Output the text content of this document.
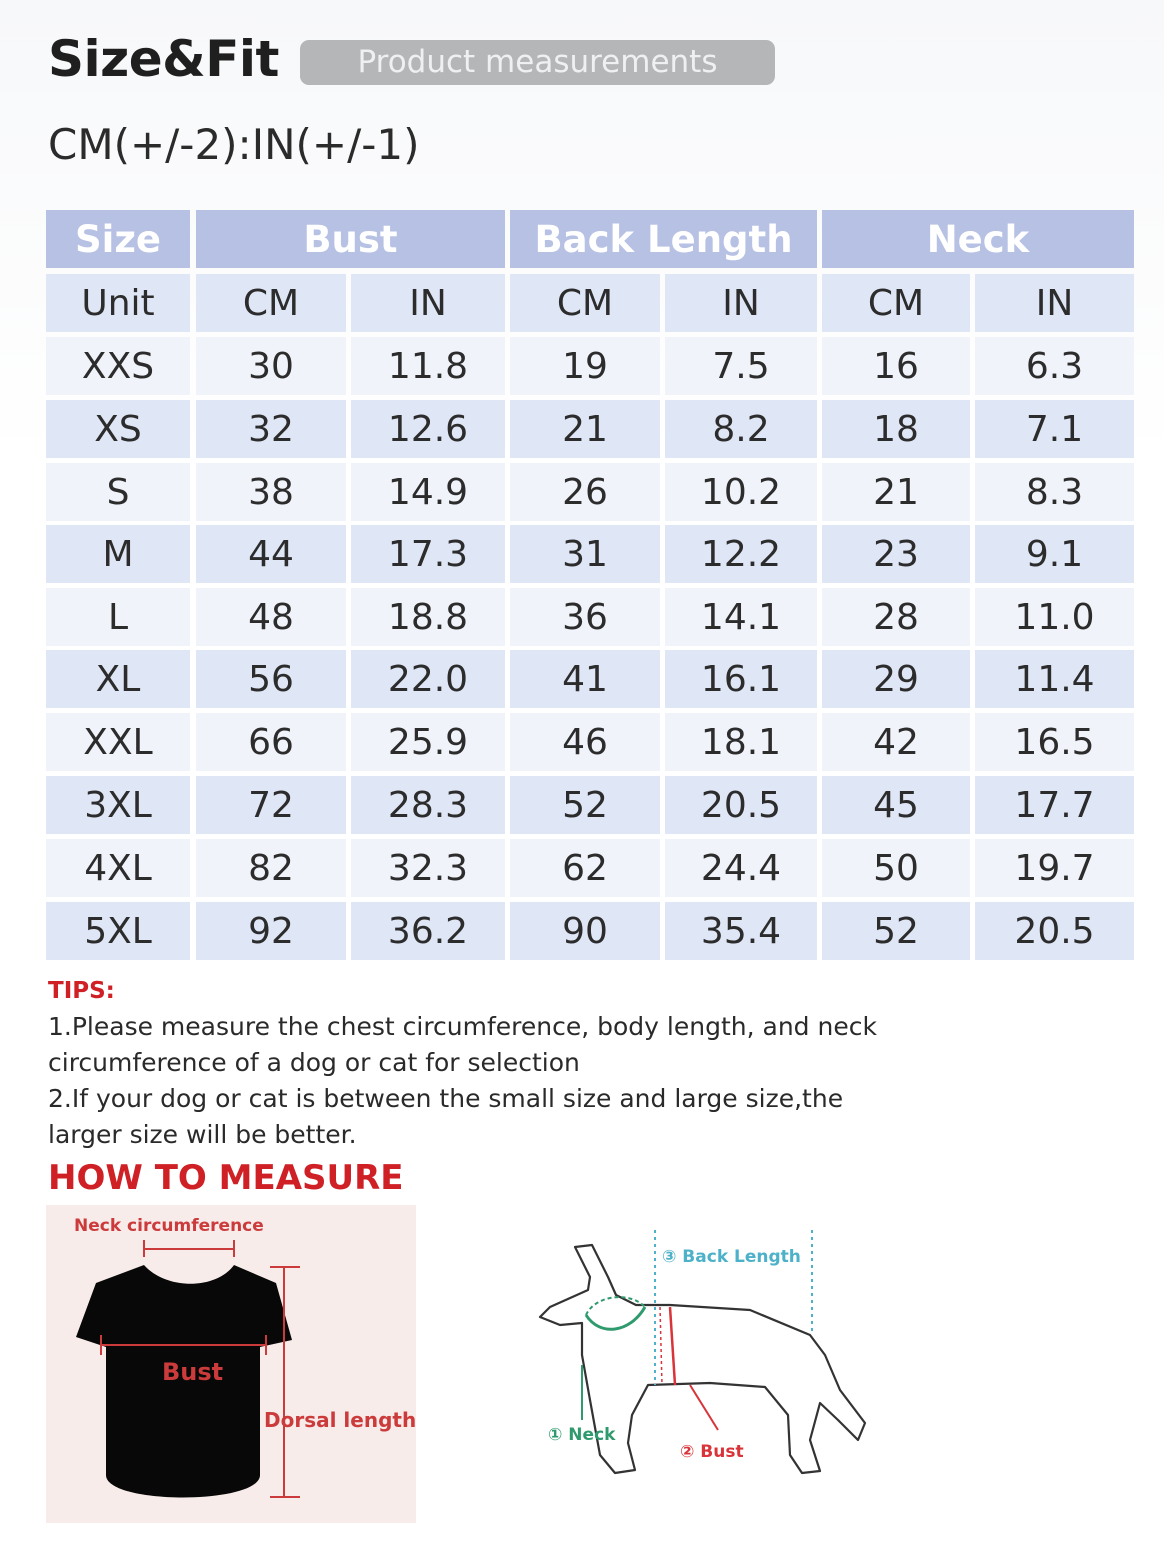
Size&Fit	Product measurements
CM(+/-2):IN(+/-1)
Size	Bust	Back Length	Neck
Unit	CM	IN	CM	IN	CM	IN
XXS	30	11.8	19	7.5	16	6.3
XS	32	12.6	21	8.2	18	7.1
S	38	14.9	26	10.2	21	8.3
M	44	17.3	31	12.2	23	9.1
L	48	18.8	36	14.1	28	11.0
XL	56	22.0	41	16.1	29	11.4
XXL	66	25.9	46	18.1	42	16.5
3XL	72	28.3	52	20.5	45	17.7
4XL	82	32.3	62	24.4	50	19.7
5XL	92	36.2	90	35.4	52	20.5
TIPS:
1.Please measure the chest circumference, body length, and neck
circumference of a dog or cat for selection
2.If your dog or cat is between the small size and large size,the
larger size will be better.
HOW TO MEASURE
Neck circumference
Bust
Dorsal length
③ Back Length
① Neck
② Bust
